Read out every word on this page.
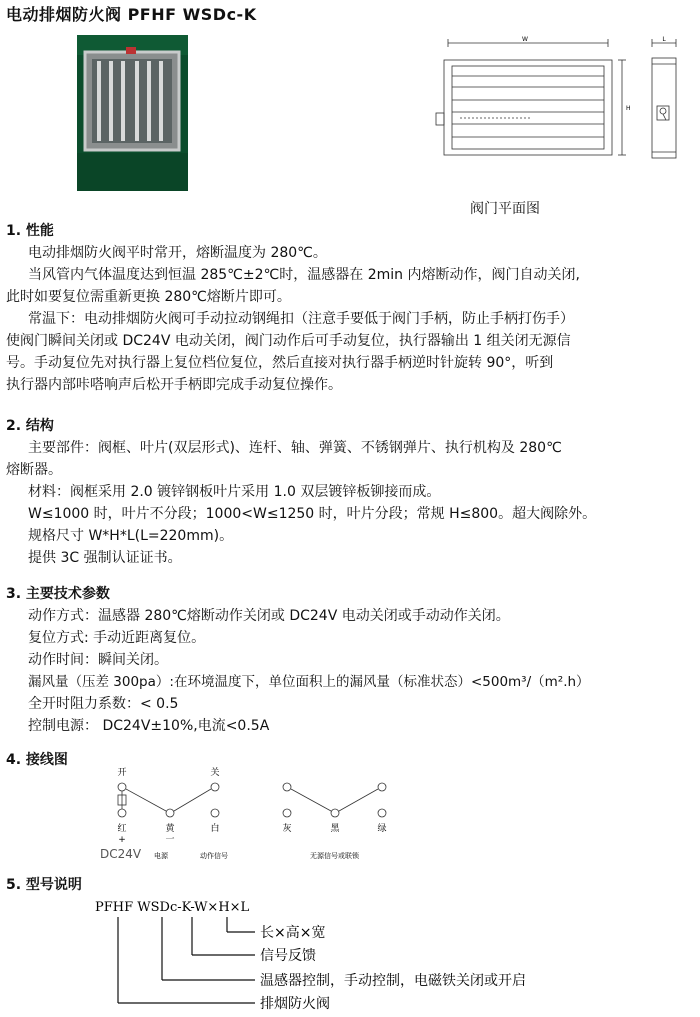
电动排烟防火阀 PFHF WSDc-K
W	L
H
阀门平面图
1. 性能
电动排烟防火阀平时常开，熔断温度为 280℃。
当风管内气体温度达到恒温 285℃±2℃时，温感器在 2min 内熔断动作，阀门自动关闭,
此时如要复位需重新更换 280℃熔断片即可。
常温下：电动排烟防火阀可手动拉动钢绳扣（注意手要低于阀门手柄，防止手柄打伤手）
使阀门瞬间关闭或 DC24V 电动关闭，阀门动作后可手动复位，执行器输出 1 组关闭无源信
号。手动复位先对执行器上复位档位复位，然后直接对执行器手柄逆时针旋转 90°，听到
执行器内部咔嗒响声后松开手柄即完成手动复位操作。
2. 结构
主要部件：阀框、叶片(双层形式)、连杆、轴、弹簧、不锈钢弹片、执行机构及 280℃
熔断器。
材料：阀框采用 2.0 镀锌钢板叶片采用 1.0 双层镀锌板铆接而成。
W≤1000 时，叶片不分段；1000<W≤1250 时，叶片分段；常规 H≤800。超大阀除外。
规格尺寸 W*H*L(L=220mm)。
提供 3C 强制认证证书。
3. 主要技术参数
动作方式：温感器 280℃熔断动作关闭或 DC24V 电动关闭或手动动作关闭。
复位方式: 手动近距离复位。
动作时间：瞬间关闭。
漏风量（压差 300pa）:在环境温度下，单位面积上的漏风量（标准状态）<500m³/（m².h）
全开时阻力系数：< 0.5
控制电源： DC24V±10%,电流<0.5A
4. 接线图
开	关
红
+
黄
一
白	灰	黑	绿
DC24V 电源	动作信号	无源信号或联锁
5. 型号说明
PFHF WSDc-K-W×H×L
长×高×宽
信号反馈
温感器控制，手动控制，电磁铁关闭或开启
排烟防火阀
